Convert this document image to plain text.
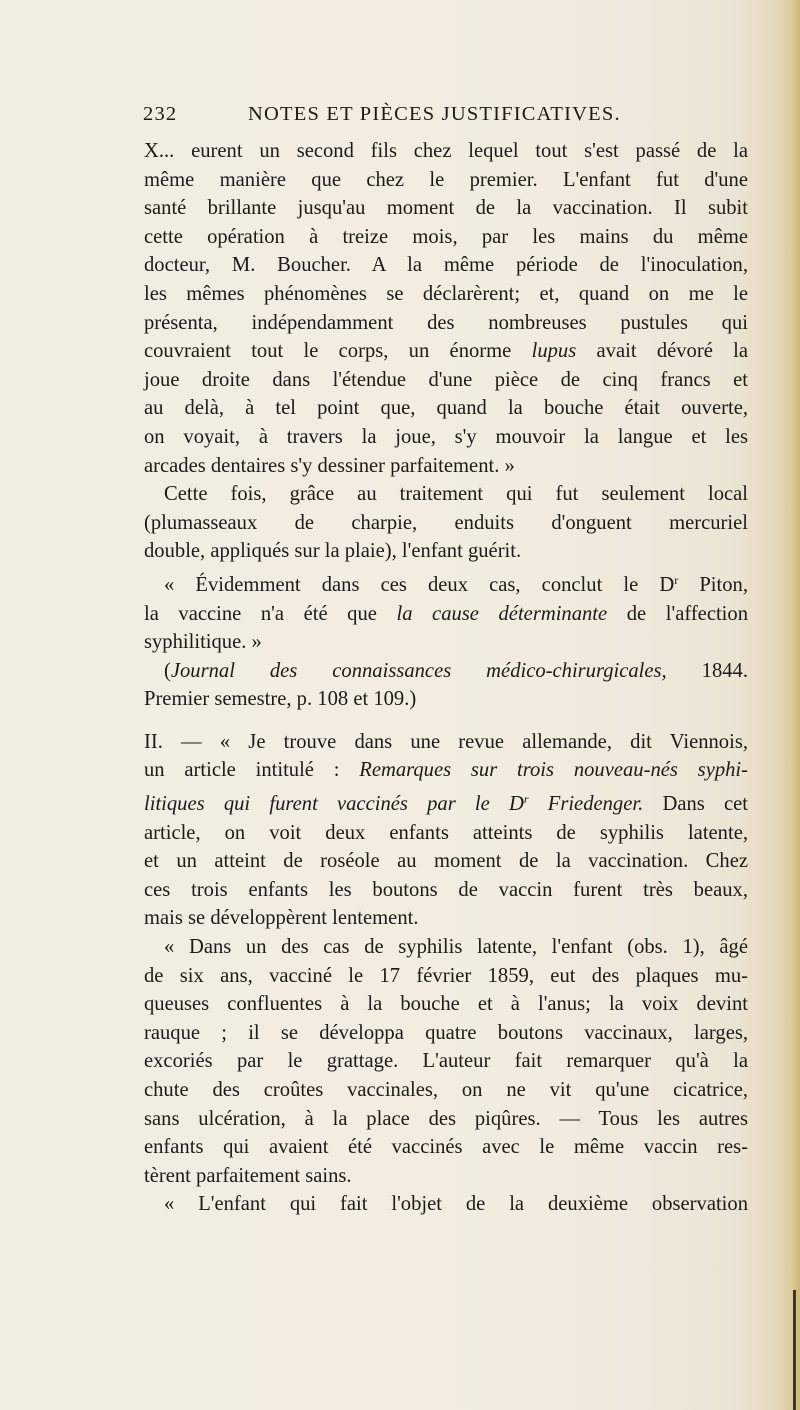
232	NOTES ET PIÈCES JUSTIFICATIVES.

X... eurent un second fils chez lequel tout s'est passé de la

même manière que chez le premier. L'enfant fut d'une

santé brillante jusqu'au moment de la vaccination. Il subit

cette opération à treize mois, par les mains du même

docteur, M. Boucher. A la même période de l'inoculation,

les mêmes phénomènes se déclarèrent; et, quand on me le

présenta, indépendamment des nombreuses pustules qui

couvraient tout le corps, un énorme lupus avait dévoré la

joue droite dans l'étendue d'une pièce de cinq francs et

au delà, à tel point que, quand la bouche était ouverte,

on voyait, à travers la joue, s'y mouvoir la langue et les

arcades dentaires s'y dessiner parfaitement. »

Cette fois, grâce au traitement qui fut seulement local

(plumasseaux de charpie, enduits d'onguent mercuriel

double, appliqués sur la plaie), l'enfant guérit.

« Évidemment dans ces deux cas, conclut le $D^r$ Piton,

la vaccine n'a été que la cause déterminante de l'affection

syphilitique. »

(Journal des connaissances médico-chirurgicales, 1844.

Premier semestre, p. 108 et 109.)

II. — « Je trouve dans une revue allemande, dit Viennois,

un article intitulé : Remarques sur trois nouveau-nés syphi-

litiques qui furent vaccinés par le $D^r$ Friedenger. Dans cet

article, on voit deux enfants atteints de syphilis latente,

et un atteint de roséole au moment de la vaccination. Chez

ces trois enfants les boutons de vaccin furent très beaux,

mais se développèrent lentement.

« Dans un des cas de syphilis latente, l'enfant (obs. 1), âgé

de six ans, vacciné le 17 février 1859, eut des plaques mu-

queuses confluentes à la bouche et à l'anus; la voix devint

rauque ; il se développa quatre boutons vaccinaux, larges,

excoriés par le grattage. L'auteur fait remarquer qu'à la

chute des croûtes vaccinales, on ne vit qu'une cicatrice,

sans ulcération, à la place des piqûres. — Tous les autres

enfants qui avaient été vaccinés avec le même vaccin res-

tèrent parfaitement sains.

« L'enfant qui fait l'objet de la deuxième observation
